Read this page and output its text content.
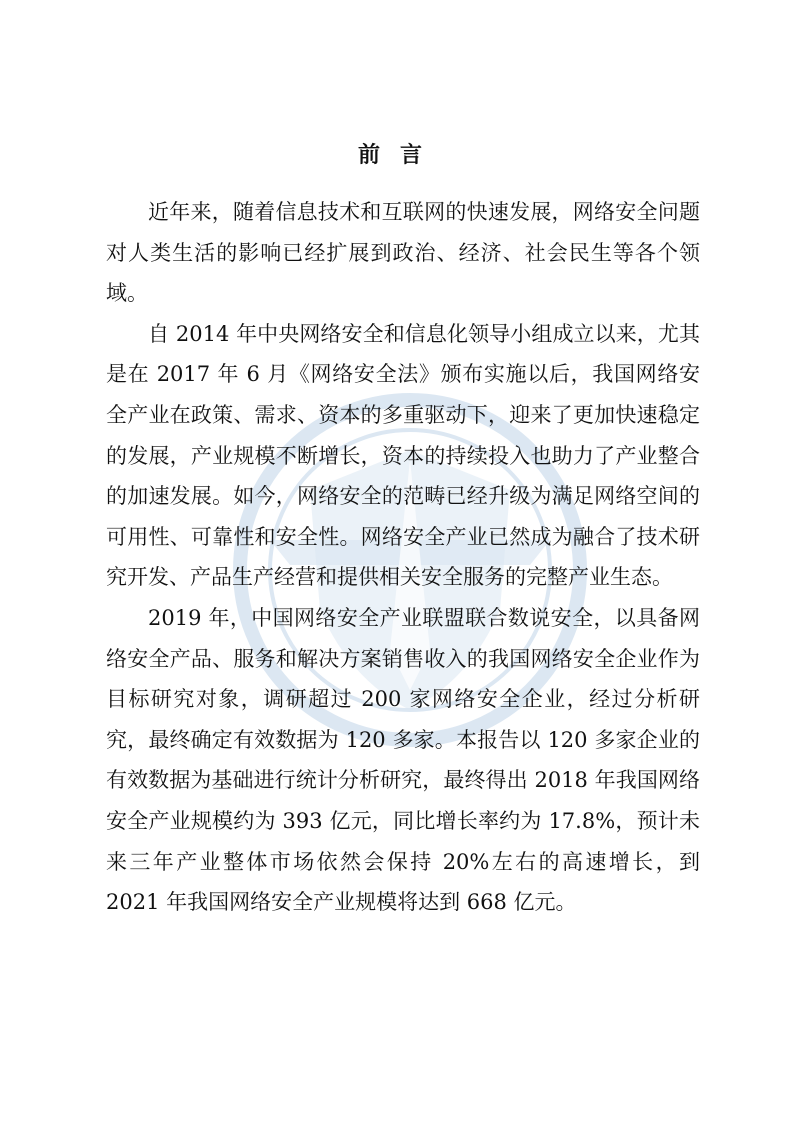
前言

近年来，随着信息技术和互联网的快速发展，网络安全问题对人类生活的影响已经扩展到政治、经济、社会民生等各个领域。

自 2014 年中央网络安全和信息化领导小组成立以来，尤其是在 2017 年 6 月《网络安全法》颁布实施以后，我国网络安全产业在政策、需求、资本的多重驱动下，迎来了更加快速稳定的发展，产业规模不断增长，资本的持续投入也助力了产业整合的加速发展。如今，网络安全的范畴已经升级为满足网络空间的可用性、可靠性和安全性。网络安全产业已然成为融合了技术研究开发、产品生产经营和提供相关安全服务的完整产业生态。

2019 年，中国网络安全产业联盟联合数说安全，以具备网络安全产品、服务和解决方案销售收入的我国网络安全企业作为目标研究对象，调研超过 200 家网络安全企业，经过分析研究，最终确定有效数据为 120 多家。本报告以 120 多家企业的有效数据为基础进行统计分析研究，最终得出 2018 年我国网络安全产业规模约为 393 亿元，同比增长率约为 17.8%，预计未来三年产业整体市场依然会保持 20%左右的高速增长，到 2021 年我国网络安全产业规模将达到 668 亿元。
